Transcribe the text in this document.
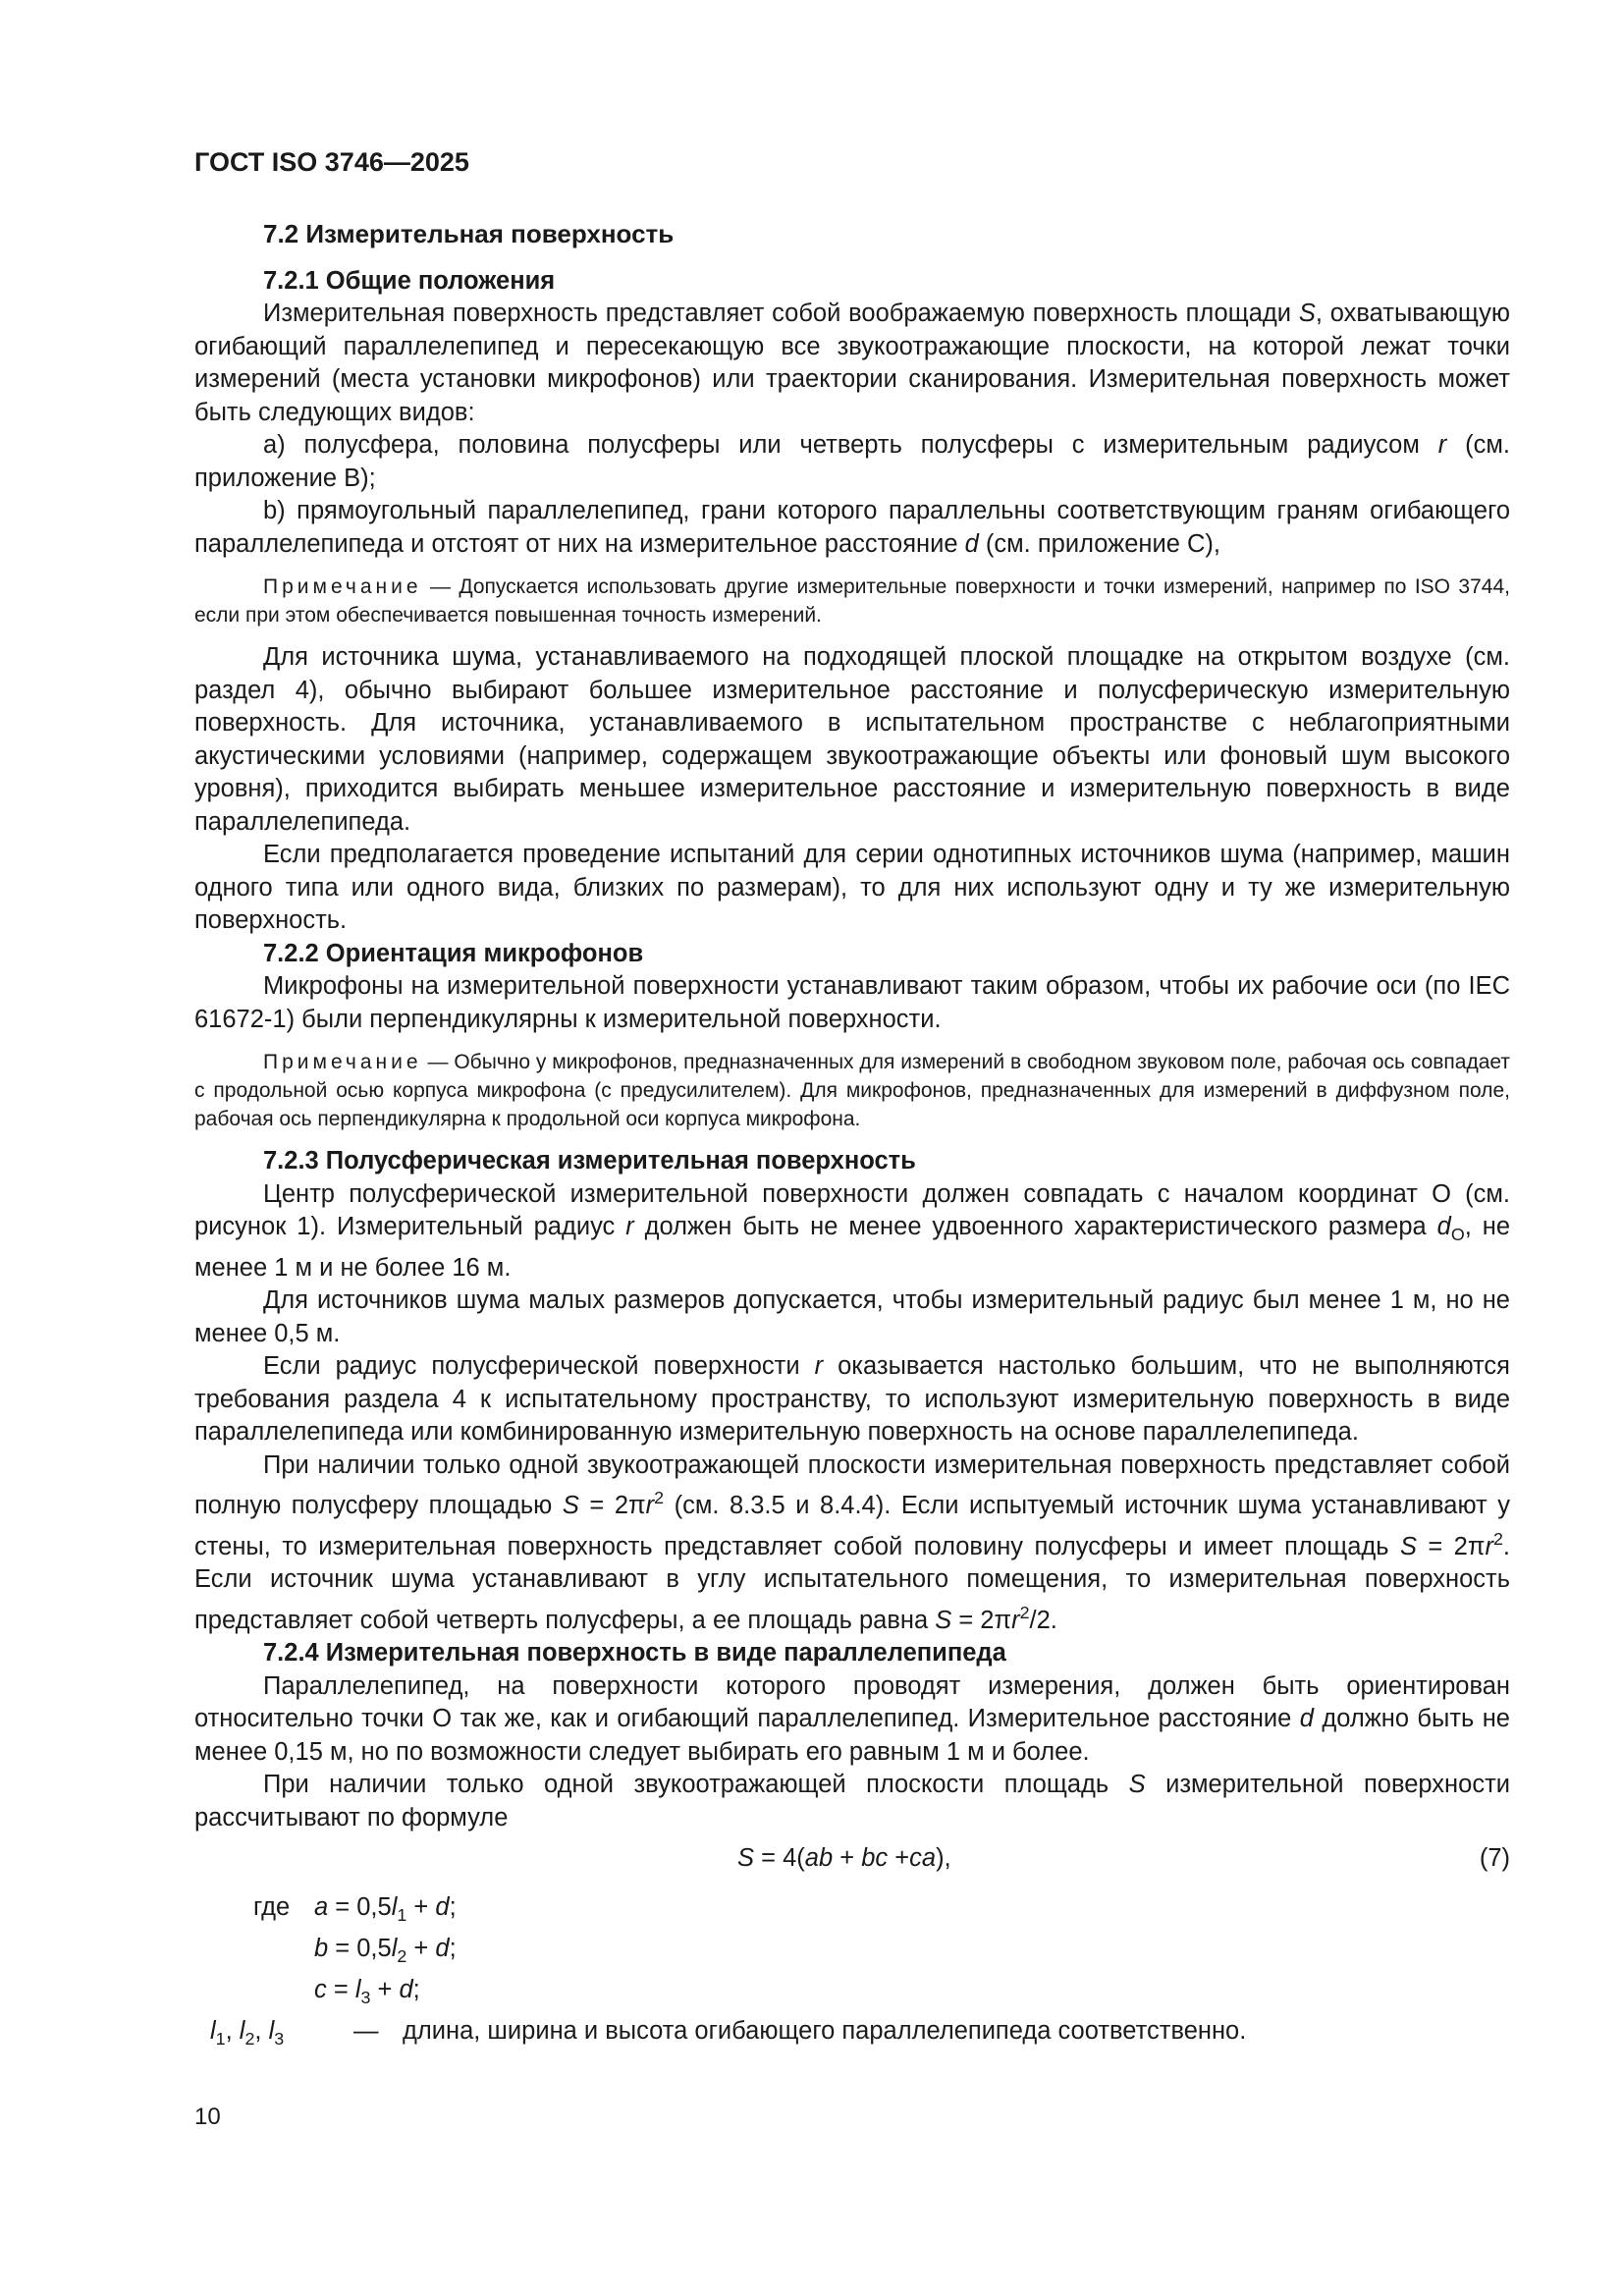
ГОСТ ISO 3746—2025

7.2 Измерительная поверхность

7.2.1 Общие положения

Измерительная поверхность представляет собой воображаемую поверхность площади S, охватывающую огибающий параллелепипед и пересекающую все звукоотражающие плоскости, на которой лежат точки измерений (места установки микрофонов) или траектории сканирования. Измерительная поверхность может быть следующих видов:

a) полусфера, половина полусферы или четверть полусферы с измерительным радиусом r (см. приложение В);

b) прямоугольный параллелепипед, грани которого параллельны соответствующим граням огибающего параллелепипеда и отстоят от них на измерительное расстояние d (см. приложение С),

Примечание — Допускается использовать другие измерительные поверхности и точки измерений, например по ISO 3744, если при этом обеспечивается повышенная точность измерений.

Для источника шума, устанавливаемого на подходящей плоской площадке на открытом воздухе (см. раздел 4), обычно выбирают большее измерительное расстояние и полусферическую измерительную поверхность. Для источника, устанавливаемого в испытательном пространстве с неблагоприятными акустическими условиями (например, содержащем звукоотражающие объекты или фоновый шум высокого уровня), приходится выбирать меньшее измерительное расстояние и измерительную поверхность в виде параллелепипеда.

Если предполагается проведение испытаний для серии однотипных источников шума (например, машин одного типа или одного вида, близких по размерам), то для них используют одну и ту же измерительную поверхность.

7.2.2 Ориентация микрофонов

Микрофоны на измерительной поверхности устанавливают таким образом, чтобы их рабочие оси (по IEC 61672-1) были перпендикулярны к измерительной поверхности.

Примечание — Обычно у микрофонов, предназначенных для измерений в свободном звуковом поле, рабочая ось совпадает с продольной осью корпуса микрофона (с предусилителем). Для микрофонов, предназначенных для измерений в диффузном поле, рабочая ось перпендикулярна к продольной оси корпуса микрофона.

7.2.3 Полусферическая измерительная поверхность

Центр полусферической измерительной поверхности должен совпадать с началом координат О (см. рисунок 1). Измерительный радиус r должен быть не менее удвоенного характеристического размера $d_O$, не менее 1 м и не более 16 м.

Для источников шума малых размеров допускается, чтобы измерительный радиус был менее 1 м, но не менее 0,5 м.

Если радиус полусферической поверхности r оказывается настолько большим, что не выполняются требования раздела 4 к испытательному пространству, то используют измерительную поверхность в виде параллелепипеда или комбинированную измерительную поверхность на основе параллелепипеда.

При наличии только одной звукоотражающей плоскости измерительная поверхность представляет собой полную полусферу площадью $S = 2\pi r^2$ (см. 8.3.5 и 8.4.4). Если испытуемый источник шума устанавливают у стены, то измерительная поверхность представляет собой половину полусферы и имеет площадь $S = 2\pi r^2$. Если источник шума устанавливают в углу испытательного помещения, то измерительная поверхность представляет собой четверть полусферы, а ее площадь равна $S = 2\pi r^2/2$.

7.2.4 Измерительная поверхность в виде параллелепипеда

Параллелепипед, на поверхности которого проводят измерения, должен быть ориентирован относительно точки О так же, как и огибающий параллелепипед. Измерительное расстояние d должно быть не менее 0,15 м, но по возможности следует выбирать его равным 1 м и более.

При наличии только одной звукоотражающей плоскости площадь S измерительной поверхности рассчитывают по формуле

S = 4(ab + bc +ca),	(7)
где $a = 0,5l_1 + d$;
$b = 0,5l_2 + d$;
$c = l_3 + d$;
$l_1$, $l_2$, $l_3$	— длина, ширина и высота огибающего параллелепипеда соответственно.
10
